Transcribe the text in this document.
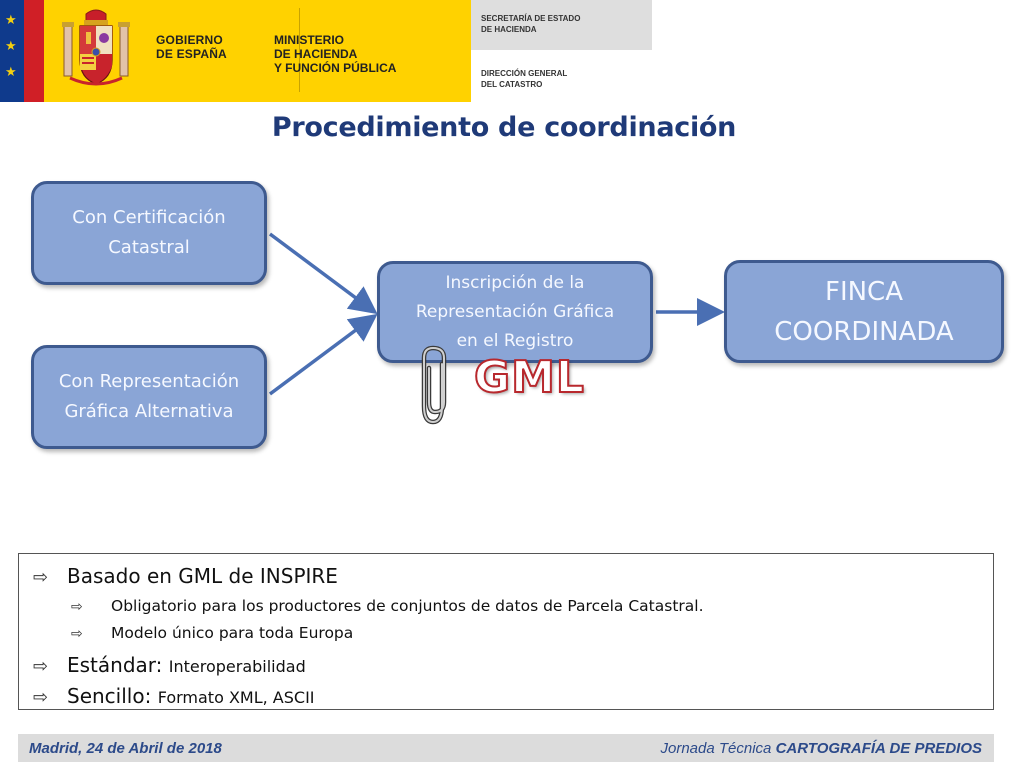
★
★
★
GOBIERNO
DE ESPAÑA
MINISTERIO
DE HACIENDA
Y FUNCIÓN PÚBLICA
SECRETARÍA DE ESTADO
DE HACIENDA
DIRECCIÓN GENERAL
DEL CATASTRO
Procedimiento de coordinación
Con Certificación
Catastral
Con Representación
Gráfica Alternativa
Inscripción de la
Representación Gráfica
en el Registro
FINCA
COORDINADA
GML
⇨ Basado en GML de INSPIRE
⇨	Obligatorio para los productores de conjuntos de datos de Parcela Catastral.
⇨	Modelo único para toda Europa
⇨ Estándar:
Interoperabilidad
⇨ Sencillo:
Formato XML, ASCII
Madrid, 24 de Abril de 2018	Jornada Técnica CARTOGRAFÍA DE PREDIOS
